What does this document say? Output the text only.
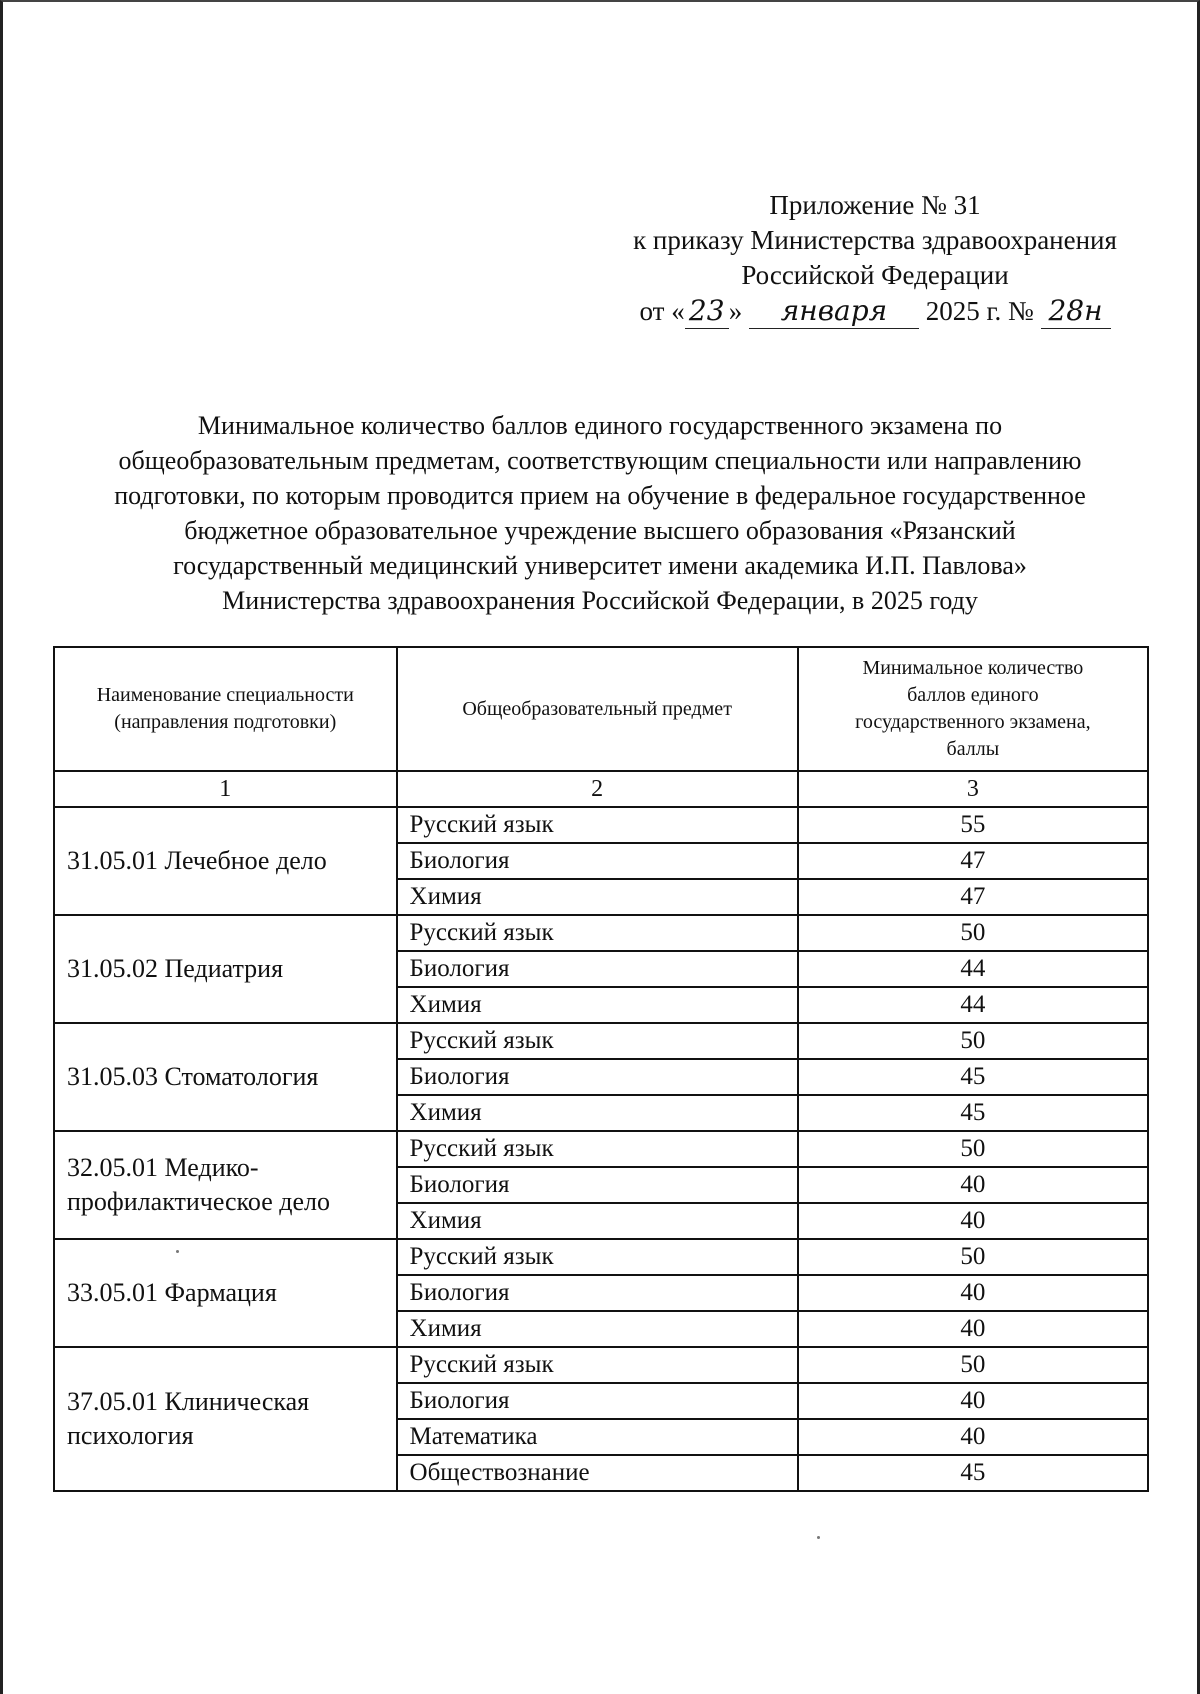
Приложение № 31
к приказу Министерства здравоохранения
Российской Федерации
от « 23 » января 2025 г. № 28н
Минимальное количество баллов единого государственного экзамена по
общеобразовательным предметам, соответствующим специальности или направлению
подготовки, по которым проводится прием на обучение в федеральное государственное
бюджетное образовательное учреждение высшего образования «Рязанский
государственный медицинский университет имени академика И.П. Павлова»
Министерства здравоохранения Российской Федерации, в 2025 году
Наименование специальности
(направления подготовки)	Общеобразовательный предмет	Минимальное количество
баллов единого
государственного экзамена,
баллы
1	2	3
31.05.01 Лечебное дело	Русский язык	55
	Биология	47
	Химия	47
31.05.02 Педиатрия	Русский язык	50
	Биология	44
	Химия	44
31.05.03 Стоматология	Русский язык	50
	Биология	45
	Химия	45
32.05.01 Медико-
профилактическое дело	Русский язык	50
	Биология	40
	Химия	40
33.05.01 Фармация	Русский язык	50
	Биология	40
	Химия	40
37.05.01 Клиническая
психология	Русский язык	50
	Биология	40
	Математика	40
	Обществознание	45
